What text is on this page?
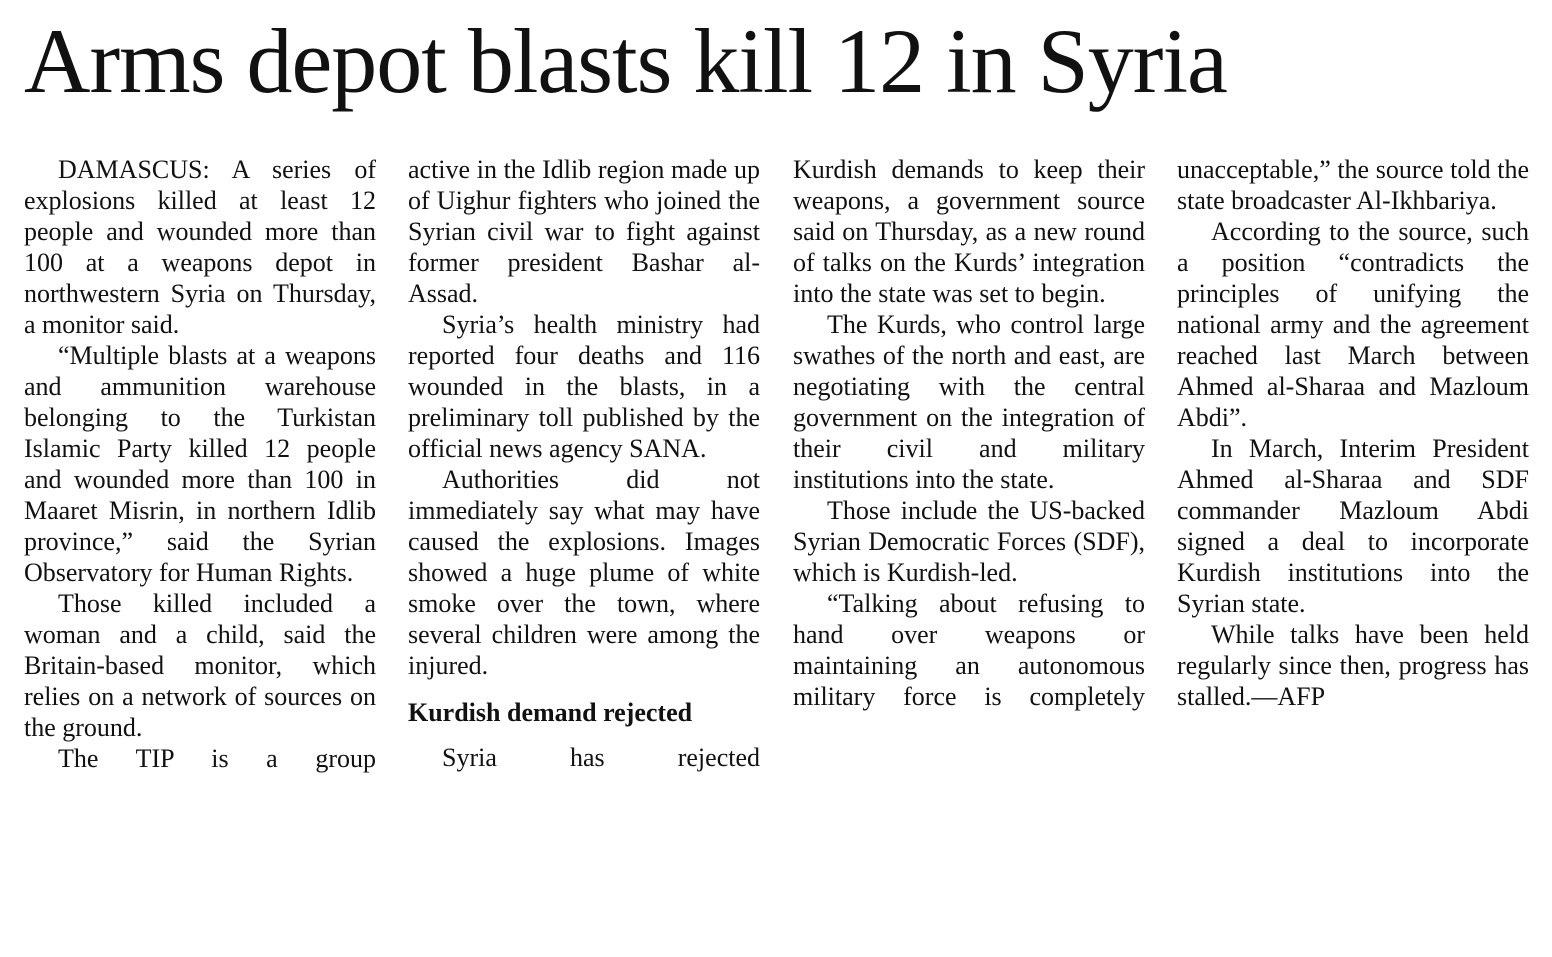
Arms depot blasts kill 12 in Syria

DAMASCUS: A series of explosions killed at least 12 people and wounded more than 100 at a weapons depot in northwestern Syria on Thursday, a monitor said.

“Multiple blasts at a weapons and ammunition warehouse belonging to the Turkistan Islamic Party killed 12 people and wounded more than 100 in Maaret Misrin, in northern Idlib province,” said the Syrian Observatory for Human Rights.

Those killed included a woman and a child, said the Britain-based monitor, which relies on a network of sources on the ground.

The TIP is a group

active in the Idlib region made up of Uighur fighters who joined the Syrian civil war to fight against former president Bashar al-Assad.

Syria’s health ministry had reported four deaths and 116 wounded in the blasts, in a preliminary toll published by the official news agency SANA.

Authorities did not immediately say what may have caused the explosions. Images showed a huge plume of white smoke over the town, where several children were among the injured.

Kurdish demand rejected

Syria has rejected

Kurdish demands to keep their weapons, a government source said on Thursday, as a new round of talks on the Kurds’ integration into the state was set to begin.

The Kurds, who control large swathes of the north and east, are negotiating with the central government on the integration of their civil and military institutions into the state.

Those include the US-backed Syrian Democratic Forces (SDF), which is Kurdish-led.

“Talking about refusing to hand over weapons or maintaining an autonomous military force is completely

unacceptable,” the source told the state broadcaster Al-Ikhbariya.

According to the source, such a position “contradicts the principles of unifying the national army and the agreement reached last March between Ahmed al-Sharaa and Mazloum Abdi”.

In March, Interim President Ahmed al-Sharaa and SDF commander Mazloum Abdi signed a deal to incorporate Kurdish institutions into the Syrian state.

While talks have been held regularly since then, progress has stalled.—AFP
